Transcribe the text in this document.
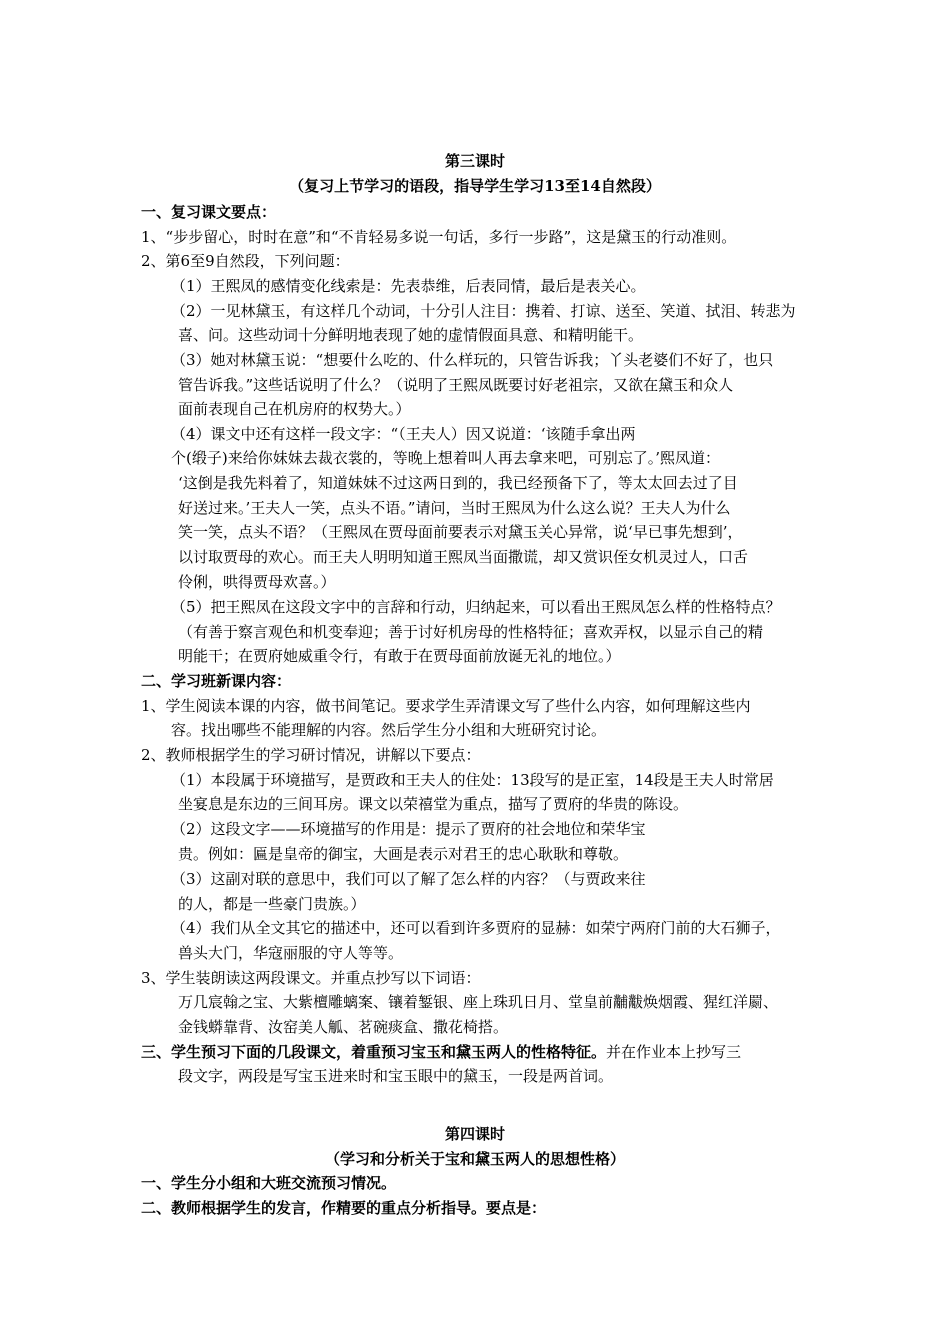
第三课时
（复习上节学习的语段，指导学生学习13至14自然段）
一、复习课文要点：
1、“步步留心，时时在意”和“不肯轻易多说一句话，多行一步路”，这是黛玉的行动准则。
2、第6至9自然段，下列问题：
（1）王熙凤的感情变化线索是：先表恭维，后表同情，最后是表关心。
（2）一见林黛玉，有这样几个动词，十分引人注目：携着、打谅、送至、笑道、拭泪、转悲为
喜、问。这些动词十分鲜明地表现了她的虚情假面具意、和精明能干。
（3）她对林黛玉说：“想要什么吃的、什么样玩的，只管告诉我；丫头老婆们不好了，也只
管告诉我。”这些话说明了什么？（说明了王熙凤既要讨好老祖宗，又欲在黛玉和众人
面前表现自己在机房府的权势大。）
（4）课文中还有这样一段文字：“（王夫人）因又说道：‘该随手拿出两
个(缎子)来给你妹妹去裁衣裳的，等晚上想着叫人再去拿来吧，可别忘了。’熙凤道：
‘这倒是我先料着了，知道妹妹不过这两日到的，我已经预备下了，等太太回去过了目
好送过来。’王夫人一笑，点头不语。”请问，当时王熙凤为什么这么说？王夫人为什么
笑一笑，点头不语？（王熙凤在贾母面前要表示对黛玉关心异常，说‘早已事先想到’，
以讨取贾母的欢心。而王夫人明明知道王熙凤当面撒谎，却又赏识侄女机灵过人，口舌
伶俐，哄得贾母欢喜。）
（5）把王熙凤在这段文字中的言辞和行动，归纳起来，可以看出王熙凤怎么样的性格特点？
（有善于察言观色和机变奉迎；善于讨好机房母的性格特征；喜欢弄权，以显示自己的精
明能干；在贾府她威重令行，有敢于在贾母面前放诞无礼的地位。）
二、学习班新课内容：
1、学生阅读本课的内容，做书间笔记。要求学生弄清课文写了些什么内容，如何理解这些内
容。找出哪些不能理解的内容。然后学生分小组和大班研究讨论。
2、教师根据学生的学习研讨情况，讲解以下要点：
（1）本段属于环境描写，是贾政和王夫人的住处：13段写的是正室，14段是王夫人时常居
坐宴息是东边的三间耳房。课文以荣禧堂为重点，描写了贾府的华贵的陈设。
（2）这段文字——环境描写的作用是：提示了贾府的社会地位和荣华宝
贵。例如：匾是皇帝的御宝，大画是表示对君王的忠心耿耿和尊敬。
（3）这副对联的意思中，我们可以了解了怎么样的内容？（与贾政来往
的人，都是一些豪门贵族。）
（4）我们从全文其它的描述中，还可以看到许多贾府的显赫：如荣宁两府门前的大石狮子，
兽头大门，华寇丽服的守人等等。
3、学生装朗读这两段课文。并重点抄写以下词语：
万几宸翰之宝、大紫檀雕螭案、镶着錾银、座上珠玑日月、堂皇前黼黻焕烟霞、猩红洋罽、
金钱蟒靠背、汝窑美人觚、茗碗痰盒、撒花椅搭。
三、学生预习下面的几段课文，着重预习宝玉和黛玉两人的性格特征。并在作业本上抄写三
段文字，两段是写宝玉进来时和宝玉眼中的黛玉，一段是两首词。
第四课时
（学习和分析关于宝和黛玉两人的思想性格）
一、学生分小组和大班交流预习情况。
二、教师根据学生的发言，作精要的重点分析指导。要点是：
